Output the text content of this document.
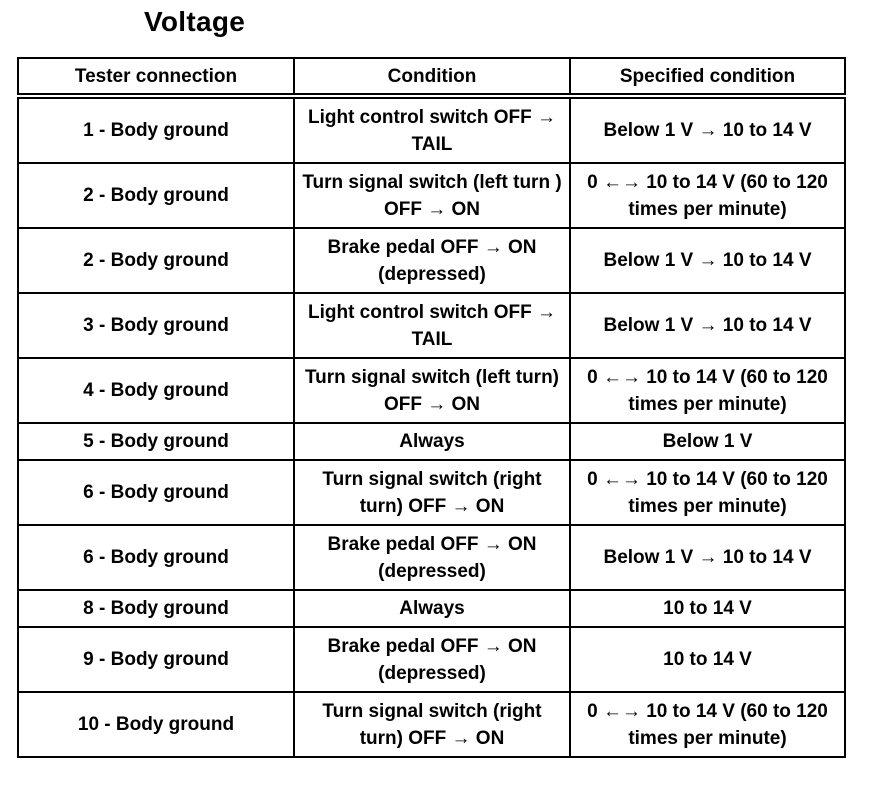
Voltage
Tester connection	Condition	Specified condition
1 - Body ground	Light control switch OFF → TAIL	Below 1 V → 10 to 14 V
2 - Body ground	Turn signal switch (left turn ) OFF → ON	0 ←→ 10 to 14 V (60 to 120 times per minute)
2 - Body ground	Brake pedal OFF → ON (depressed)	Below 1 V → 10 to 14 V
3 - Body ground	Light control switch OFF → TAIL	Below 1 V → 10 to 14 V
4 - Body ground	Turn signal switch (left turn) OFF → ON	0 ←→ 10 to 14 V (60 to 120 times per minute)
5 - Body ground	Always	Below 1 V
6 - Body ground	Turn signal switch (right turn) OFF → ON	0 ←→ 10 to 14 V (60 to 120 times per minute)
6 - Body ground	Brake pedal OFF → ON (depressed)	Below 1 V → 10 to 14 V
8 - Body ground	Always	10 to 14 V
9 - Body ground	Brake pedal OFF → ON (depressed)	10 to 14 V
10 - Body ground	Turn signal switch (right turn) OFF → ON	0 ←→ 10 to 14 V (60 to 120 times per minute)
